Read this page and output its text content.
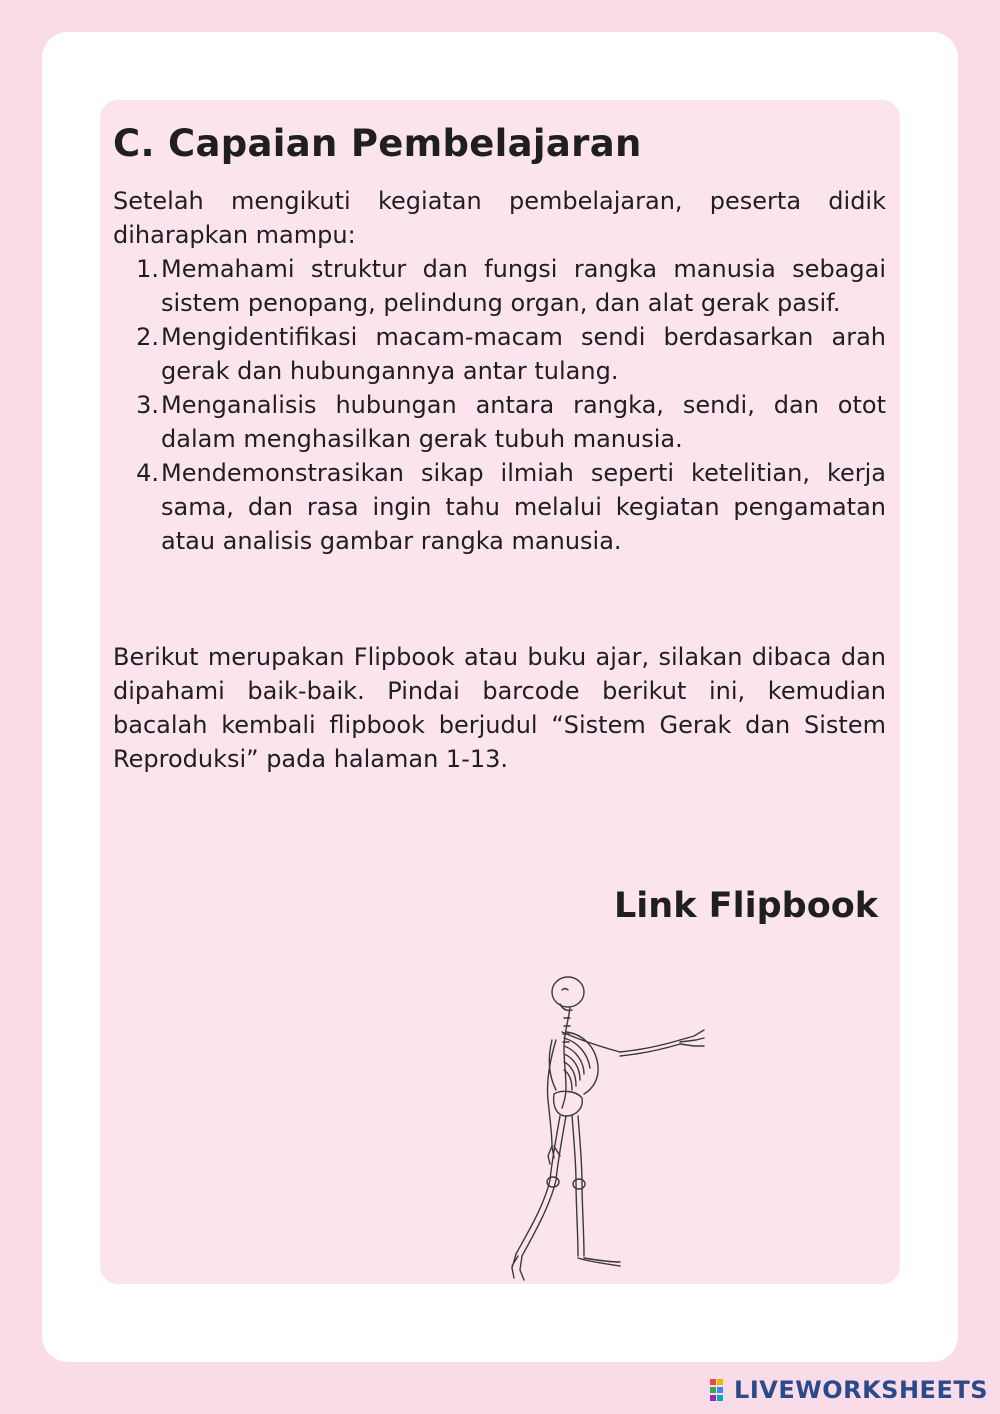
C. Capaian Pembelajaran

Setelah mengikuti kegiatan pembelajaran, peserta didik diharapkan mampu:

1. Memahami struktur dan fungsi rangka manusia sebagai sistem penopang, pelindung organ, dan alat gerak pasif.
2. Mengidentifikasi macam-macam sendi berdasarkan arah gerak dan hubungannya antar tulang.
3. Menganalisis hubungan antara rangka, sendi, dan otot dalam menghasilkan gerak tubuh manusia.
4. Mendemonstrasikan sikap ilmiah seperti ketelitian, kerja sama, dan rasa ingin tahu melalui kegiatan pengamatan atau analisis gambar rangka manusia.

Berikut merupakan Flipbook atau buku ajar, silakan dibaca dan dipahami baik-baik. Pindai barcode berikut ini, kemudian bacalah kembali flipbook berjudul “Sistem Gerak dan Sistem Reproduksi” pada halaman 1-13.

Link Flipbook
LIVEWORKSHEETS
